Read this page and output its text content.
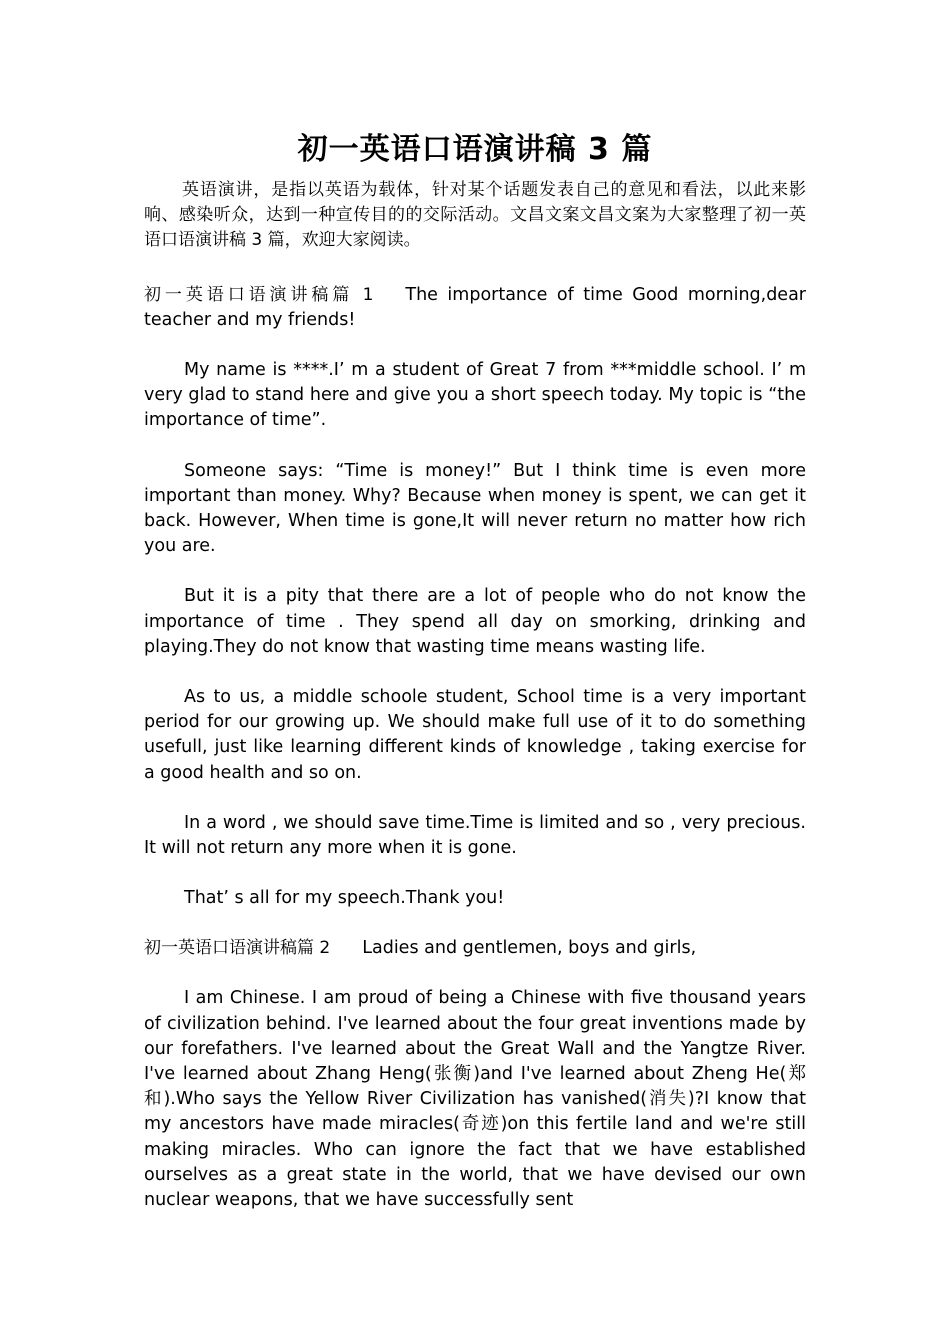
初一英语口语演讲稿 3 篇

英语演讲，是指以英语为载体，针对某个话题发表自己的意见和看法，以此来影响、感染听众，达到一种宣传目的的交际活动。文昌文案文昌文案为大家整理了初一英语口语演讲稿 3 篇，欢迎大家阅读。

初一英语口语演讲稿篇 1 The importance of time Good morning,dear teacher and my friends!

My name is ****.I’ m a student of Great 7 from ***middle school. I’ m very glad to stand here and give you a short speech today. My topic is “the importance of time”.

Someone says: “Time is money!” But I think time is even more important than money. Why? Because when money is spent, we can get it back. However, When time is gone,It will never return no matter how rich you are.

But it is a pity that there are a lot of people who do not know the importance of time . They spend all day on smorking, drinking and playing.They do not know that wasting time means wasting life.

As to us, a middle schoole student, School time is a very important period for our growing up. We should make full use of it to do something usefull, just like learning different kinds of knowledge , taking exercise for a good health and so on.

In a word , we should save time.Time is limited and so , very precious. It will not return any more when it is gone.

That’ s all for my speech.Thank you!

初一英语口语演讲稿篇 2 Ladies and gentlemen, boys and girls,

I am Chinese. I am proud of being a Chinese with five thousand years of civilization behind. I've learned about the four great inventions made by our forefathers. I've learned about the Great Wall and the Yangtze River. I've learned about Zhang Heng(张衡)and I've learned about Zheng He(郑和).Who says the Yellow River Civilization has vanished(消失)?I know that my ancestors have made miracles(奇迹)on this fertile land and we're still making miracles. Who can ignore the fact that we have established ourselves as a great state in the world, that we have devised our own nuclear weapons, that we have successfully sent
